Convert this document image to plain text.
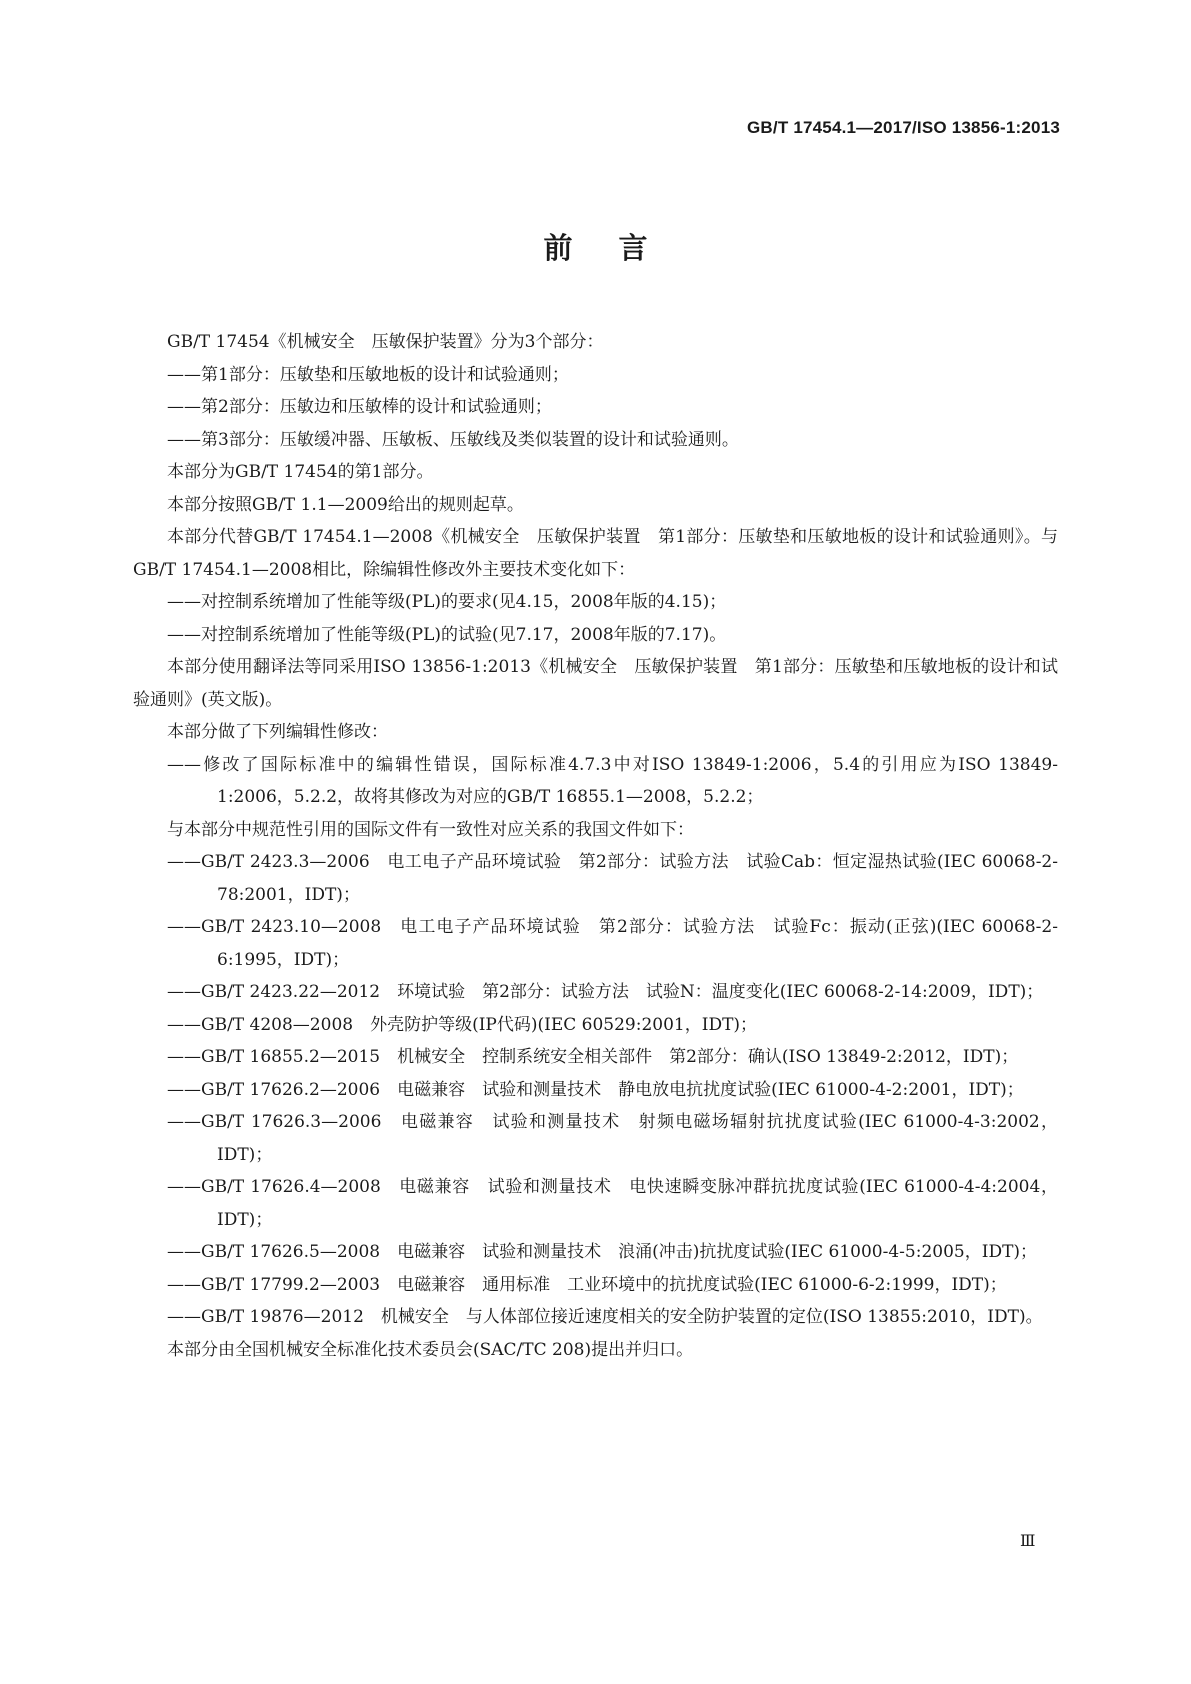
GB/T 17454.1—2017/ISO 13856-1:2013
前言

GB/T 17454《机械安全　压敏保护装置》分为3个部分：

——第1部分：压敏垫和压敏地板的设计和试验通则；

——第2部分：压敏边和压敏棒的设计和试验通则；

——第3部分：压敏缓冲器、压敏板、压敏线及类似装置的设计和试验通则。

本部分为GB/T 17454的第1部分。

本部分按照GB/T 1.1—2009给出的规则起草。

本部分代替GB/T 17454.1—2008《机械安全　压敏保护装置　第1部分：压敏垫和压敏地板的设计和试验通则》。与GB/T 17454.1—2008相比，除编辑性修改外主要技术变化如下：

——对控制系统增加了性能等级(PL)的要求(见4.15，2008年版的4.15)；

——对控制系统增加了性能等级(PL)的试验(见7.17，2008年版的7.17)。

本部分使用翻译法等同采用ISO 13856-1:2013《机械安全　压敏保护装置　第1部分：压敏垫和压敏地板的设计和试验通则》(英文版)。

本部分做了下列编辑性修改：

——修改了国际标准中的编辑性错误，国际标准4.7.3中对ISO 13849-1:2006，5.4的引用应为ISO 13849-1:2006，5.2.2，故将其修改为对应的GB/T 16855.1—2008，5.2.2；

与本部分中规范性引用的国际文件有一致性对应关系的我国文件如下：

——GB/T 2423.3—2006　电工电子产品环境试验　第2部分：试验方法　试验Cab：恒定湿热试验(IEC 60068-2-78:2001，IDT)；

——GB/T 2423.10—2008　电工电子产品环境试验　第2部分：试验方法　试验Fc：振动(正弦)(IEC 60068-2-6:1995，IDT)；

——GB/T 2423.22—2012　环境试验　第2部分：试验方法　试验N：温度变化(IEC 60068-2-14:2009，IDT)；

——GB/T 4208—2008　外壳防护等级(IP代码)(IEC 60529:2001，IDT)；

——GB/T 16855.2—2015　机械安全　控制系统安全相关部件　第2部分：确认(ISO 13849-2:2012，IDT)；

——GB/T 17626.2—2006　电磁兼容　试验和测量技术　静电放电抗扰度试验(IEC 61000-4-2:2001，IDT)；

——GB/T 17626.3—2006　电磁兼容　试验和测量技术　射频电磁场辐射抗扰度试验(IEC 61000-4-3:2002，IDT)；

——GB/T 17626.4—2008　电磁兼容　试验和测量技术　电快速瞬变脉冲群抗扰度试验(IEC 61000-4-4:2004，IDT)；

——GB/T 17626.5—2008　电磁兼容　试验和测量技术　浪涌(冲击)抗扰度试验(IEC 61000-4-5:2005，IDT)；

——GB/T 17799.2—2003　电磁兼容　通用标准　工业环境中的抗扰度试验(IEC 61000-6-2:1999，IDT)；

——GB/T 19876—2012　机械安全　与人体部位接近速度相关的安全防护装置的定位(ISO 13855:2010，IDT)。

本部分由全国机械安全标准化技术委员会(SAC/TC 208)提出并归口。

Ⅲ
